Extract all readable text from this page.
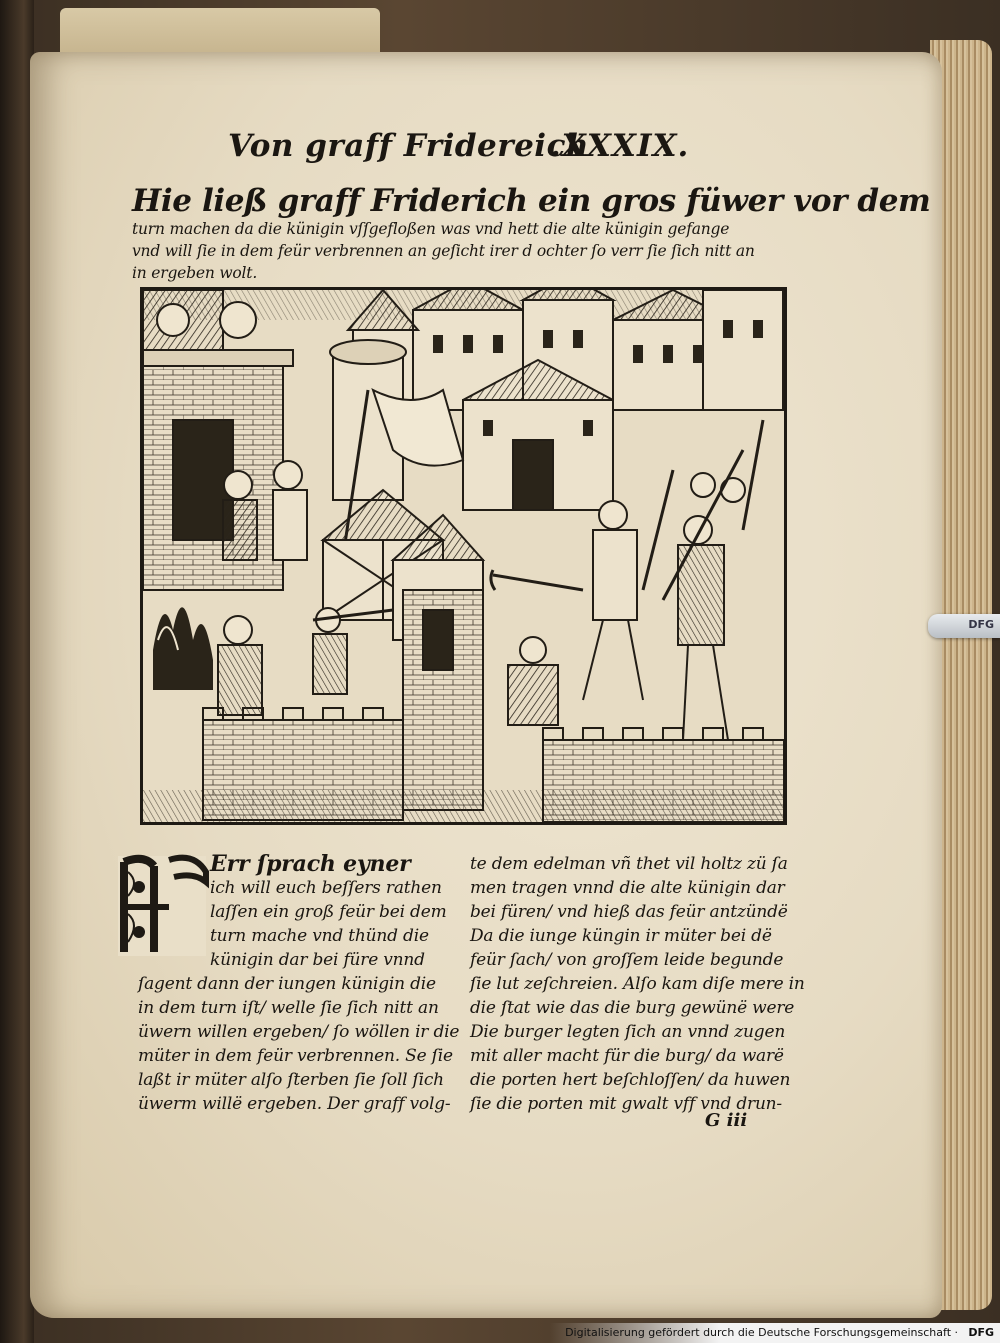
Von graff Fridereich
.XXXIX.
Hie ließ graff Friderich ein gros füwer vor dem
turn machen da die künigin vſſgefloßen was vnd hett die alte künigin gefange
vnd will ſie in dem feür verbrennen an geſicht irer d ochter ſo verr ſie ſich nitt an
in ergeben wolt.
Err ſprach eyner
ich will euch beſſers rathen
laſſen ein groß feür bei dem
turn mache vnd thünd die
künigin dar bei füre vnnd
ſagent dann der iungen künigin die
in dem turn iſt/ welle ſie ſich nitt an
üwern willen ergeben/ ſo wöllen ir die
müter in dem feür verbrennen. Se ſie
laßt ir müter alſo ſterben ſie ſoll ſich
üwerm willë ergeben. Der graff volg-
te dem edelman vñ thet vil holtz zü ſa
men tragen vnnd die alte künigin dar
bei füren/ vnd hieß das feür antzündë
Da die iunge küngin ir müter bei dë
feür ſach/ von groſſem leide begunde
ſie lut zeſchreien. Alſo kam diſe mere in
die ſtat wie das die burg gewünë were
Die burger legten ſich an vnnd zugen
mit aller macht für die burg/ da warë
die porten hert beſchloſſen/ da huwen
ſie die porten mit gwalt vff vnd drun-
G iii
DFG
Digitalisierung gefördert durch die Deutsche Forschungsgemeinschaft · DFG
